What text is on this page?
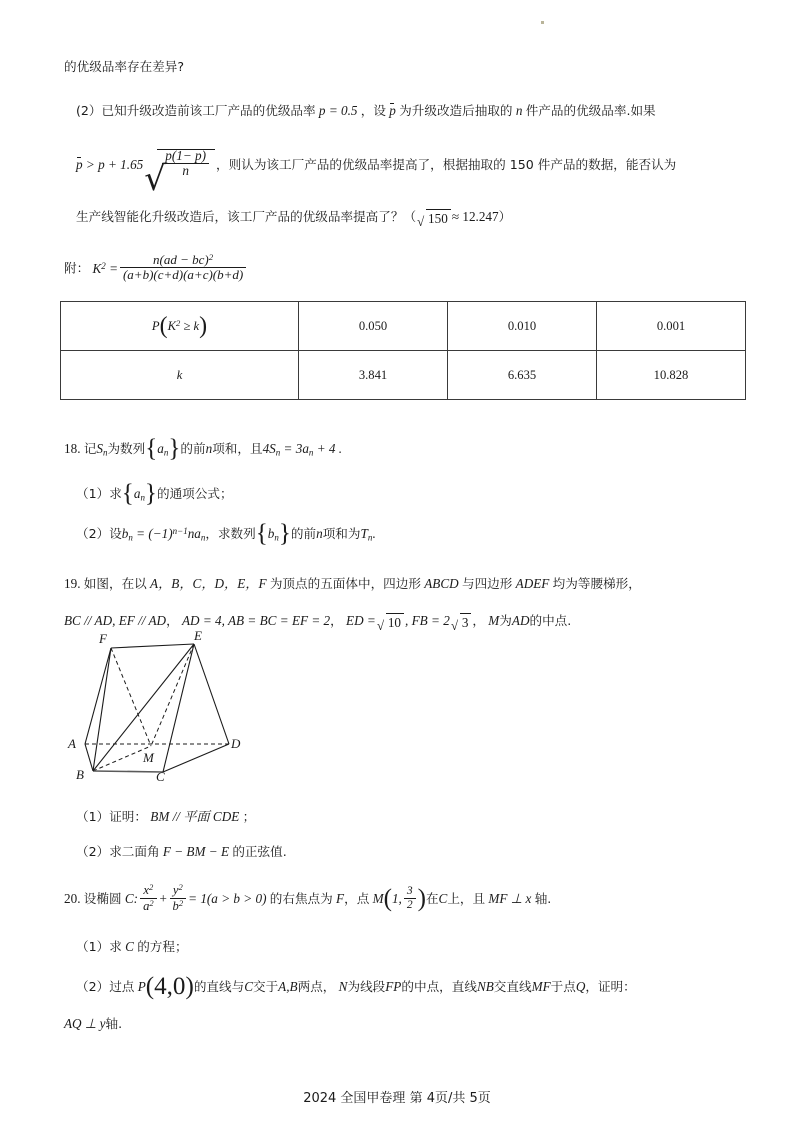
的优级品率存在差异?
(2）已知升级改造前该工厂产品的优级品率 p = 0.5 ，设 p 为升级改造后抽取的 n 件产品的优级品率.如果
p > p + 1.65 √
$\frac{p(1- p)}{n}$ ，则认为该工厂产品的优级品率提高了，根据抽取的 150 件产品的数据，能否认为
生产线智能化升级改造后，该工厂产品的优级品率提高了？（ √ 150 ≈ 12.247）
附： $K^2 = \frac{n(ad - bc)^2}{(a+b)(c+d)(a+c)(b+d)}$
$P(K^2 \ge k)$	0.050	0.010	0.001
k	3.841	6.635	10.828
18. 记$S_n$为数列$\{a_n\}$的前n项和，且$4S_n = 3a_n + 4$ .
（1）求$\{a_n\}$的通项公式；
（2）设$b_n = (-1)^{n-1}na_n$，求数列$\{b_n\}$的前n项和为$T_n$.
19. 如图，在以 A，B，C，D，E，F 为顶点的五面体中，四边形 ABCD 与四边形 ADEF 均为等腰梯形，
BC // AD, EF // AD， AD = 4, AB = BC = EF = 2， ED = √ 10 , FB = 2 √ 3 ， M为AD的中点.
F	E
A	D
M
B	C
（1）证明： BM // 平面 CDE ；
（2）求二面角 F − BM − E 的正弦值.
20. 设椭圆 C: $\frac{x^2}{a^2} + \frac{y^2}{b^2} = 1(a > b > 0)$ 的右焦点为 F，点 M(1, $\frac{3}{2}$ )在C上，且 MF ⊥ x 轴.
（1）求 C 的方程；
（2）过点 P(4,0)的直线与C交于A,B两点， N为线段FP的中点，直线NB交直线MF于点Q，证明：
AQ ⊥ y轴.
2024 全国甲卷理 第 4页/共 5页
